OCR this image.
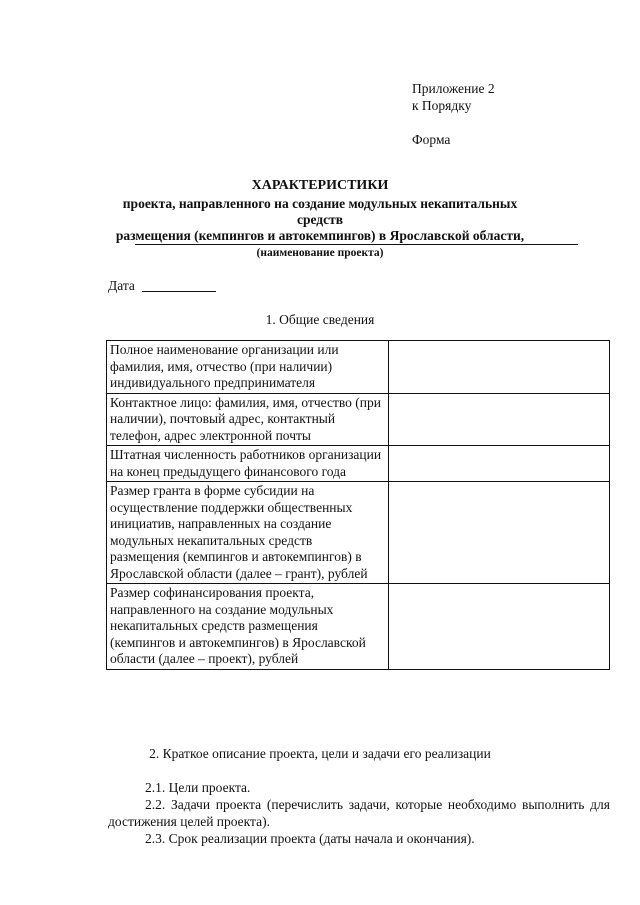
Приложение 2
к Порядку
Форма
ХАРАКТЕРИСТИКИ
проекта, направленного на создание модульных некапитальных средств
размещения (кемпингов и автокемпингов) в Ярославской области,
(наименование проекта)
Дата
1. Общие сведения
Полное наименование организации или фамилия, имя, отчество (при наличии) индивидуального предпринимателя	
Контактное лицо: фамилия, имя, отчество (при наличии), почтовый адрес, контактный телефон, адрес электронной почты	
Штатная численность работников организации на конец предыдущего финансового года	
Размер гранта в форме субсидии на осуществление поддержки общественных инициатив, направленных на создание модульных некапитальных средств размещения (кемпингов и автокемпингов) в Ярославской области (далее – грант), рублей	
Размер софинансирования проекта, направленного на создание модульных некапитальных средств размещения (кемпингов и автокемпингов) в Ярославской области (далее – проект), рублей	
2. Краткое описание проекта, цели и задачи его реализации
2.1. Цели проекта.
2.2. Задачи проекта (перечислить задачи, которые необходимо выполнить для достижения целей проекта).
2.3. Срок реализации проекта (даты начала и окончания).
